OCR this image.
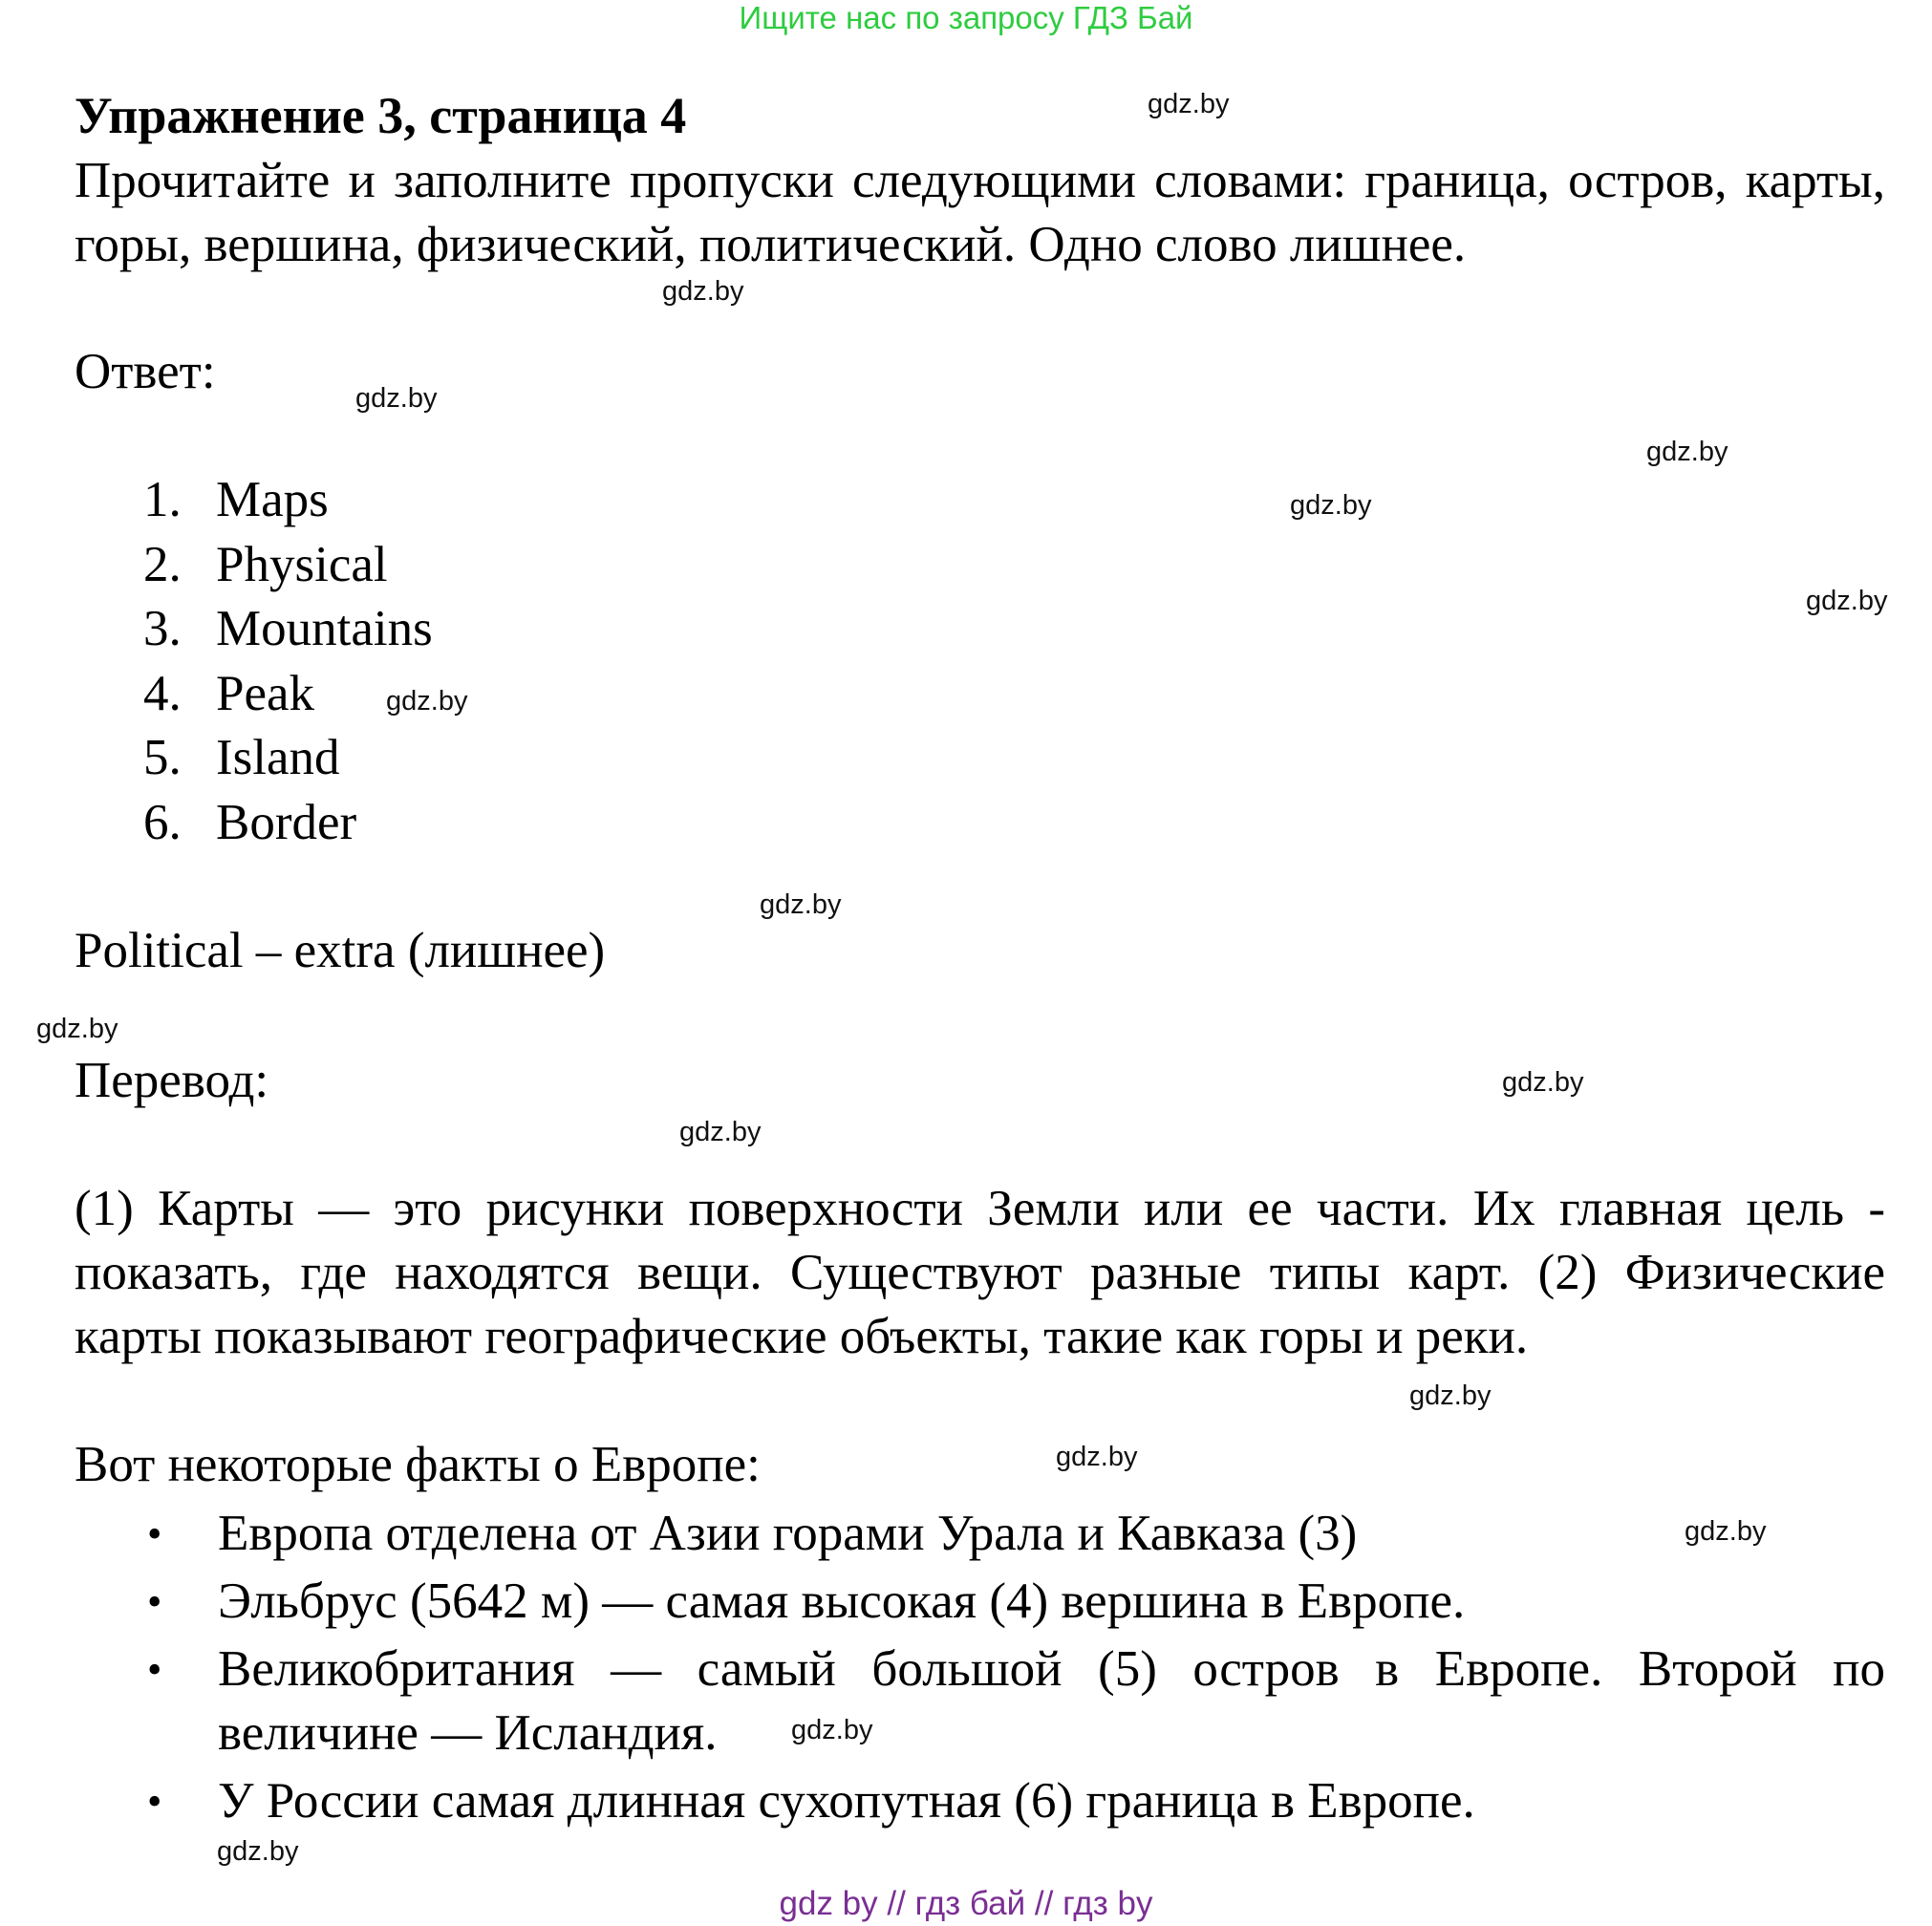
Ищите нас по запросу ГДЗ Бай
Упражнение 3, страница 4
Прочитайте и заполните пропуски следующими словами: граница, остров, карты, горы, вершина, физический, политический. Одно слово лишнее.
Ответ:
1. Maps
2. Physical
3. Mountains
4. Peak
5. Island
6. Border
Political – extra (лишнее)
Перевод:
(1) Карты — это рисунки поверхности Земли или ее части. Их главная цель - показать, где находятся вещи. Существуют разные типы карт. (2) Физические карты показывают географические объекты, такие как горы и реки.
Вот некоторые факты о Европе:
• Европа отделена от Азии горами Урала и Кавказа (3)
• Эльбрус (5642 м) — самая высокая (4) вершина в Европе.
• Великобритания — самый большой (5) остров в Европе. Второй по величине — Исландия.
• У России самая длинная сухопутная (6) граница в Европе.
gdz.by
gdz.by
gdz.by
gdz.by
gdz.by
gdz.by
gdz.by
gdz.by
gdz.by
gdz.by
gdz.by
gdz.by
gdz.by
gdz.by
gdz.by
gdz.by
gdz by // гдз бай // гдз by
